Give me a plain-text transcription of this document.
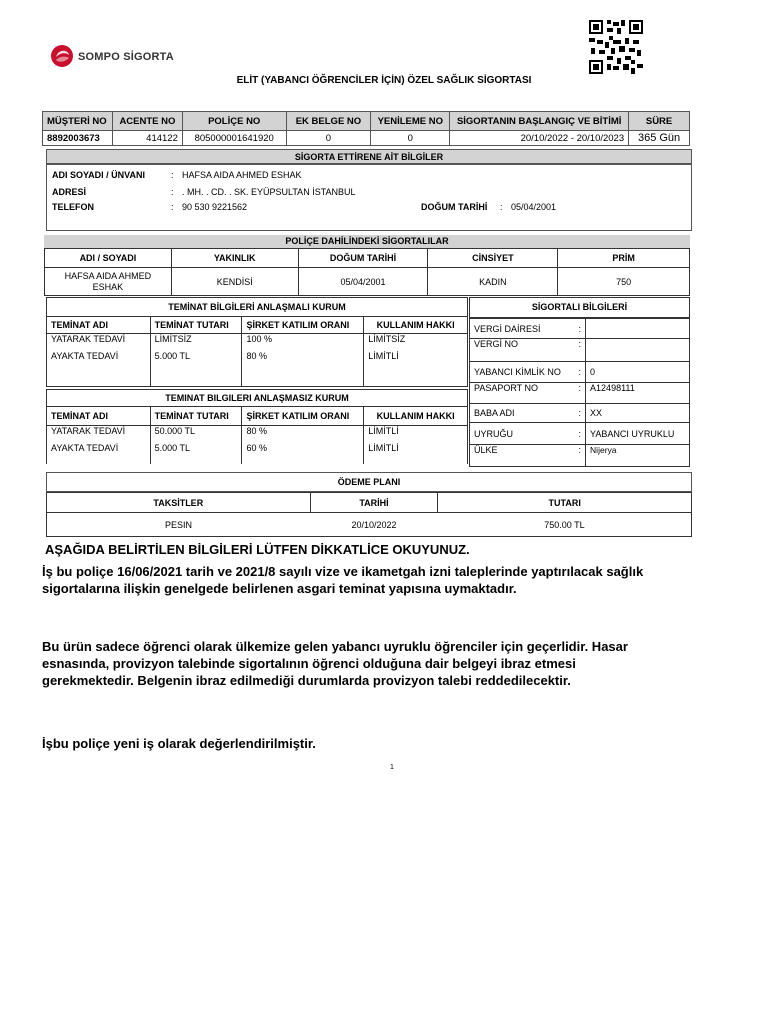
SOMPO SİGORTA
ELİT (YABANCI ÖĞRENCİLER İÇİN) ÖZEL SAĞLIK SİGORTASI
MÜŞTERİ NO	ACENTE NO	POLİÇE NO	EK BELGE NO	YENİLEME NO	SİGORTANIN BAŞLANGIÇ VE BİTİMİ	SÜRE
8892003673	414122	805000001641920	0	0	20/10/2022 - 20/10/2023	365 Gün
SİGORTA ETTİRENE AİT BİLGİLER
ADI SOYADI / ÜNVANI	: HAFSA AIDA AHMED ESHAK
ADRESİ	: . MH. . CD. . SK. EYÜPSULTAN İSTANBUL
TELEFON	: 90 530 9221562	DOĞUM TARİHİ : 05/04/2001
POLİÇE DAHİLİNDEKİ SİGORTALILAR
ADI / SOYADI	YAKINLIK	DOĞUM TARİHİ	CİNSİYET	PRİM
HAFSA AIDA AHMED ESHAK	KENDİSİ	05/04/2001	KADIN	750
TEMİNAT BİLGİLERİ ANLAŞMALI KURUM			
TEMİNAT ADI	TEMİNAT TUTARI	ŞİRKET KATILIM ORANI	KULLANIM HAKKI
YATARAK TEDAVİ	LİMİTSİZ	100 %	LİMİTSİZ
AYAKTA TEDAVİ	5.000 TL	80 %	LİMİTLİ
TEMINAT BILGILERI ANLAŞMASIZ KURUM			
TEMİNAT ADI	TEMİNAT TUTARI	ŞİRKET KATILIM ORANI	KULLANIM HAKKI
YATARAK TEDAVİ	50.000 TL	80 %	LİMİTLİ
AYAKTA TEDAVİ	5.000 TL	60 %	LİMİTLİ
SİGORTALI BİLGİLERİ
VERGİ DAİRESİ	:	
VERGİ NO	:	
YABANCI KİMLİK NO	:	0
PASAPORT NO	:	A12498111
BABA ADI	:	XX
UYRUĞU	:	YABANCI UYRUKLU
ÜLKE	:	Nijerya
ÖDEME PLANI
TAKSİTLER	TARİHİ	TUTARI
PESIN	20/10/2022	750.00 TL
AŞAĞIDA BELİRTİLEN BİLGİLERİ LÜTFEN DİKKATLİCE OKUYUNUZ.
İş bu poliçe 16/06/2021 tarih ve 2021/8 sayılı vize ve ikametgah izni taleplerinde yaptırılacak sağlık sigortalarına ilişkin genelgede belirlenen asgari teminat yapısına uymaktadır.
Bu ürün sadece öğrenci olarak ülkemize gelen yabancı uyruklu öğrenciler için geçerlidir. Hasar esnasında, provizyon talebinde sigortalının öğrenci olduğuna dair belgeyi ibraz etmesi gerekmektedir. Belgenin ibraz edilmediği durumlarda provizyon talebi reddedilecektir.
İşbu poliçe yeni iş olarak değerlendirilmiştir.
1
